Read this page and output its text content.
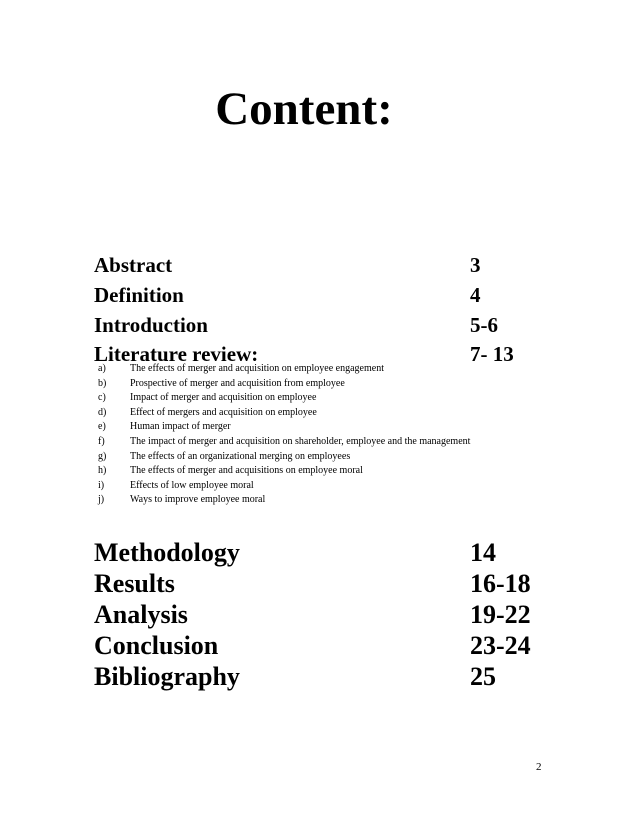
Content:
Abstract	3
Definition	4
Introduction	5-6
Literature review:	7- 13
a) The effects of merger and acquisition on employee engagement
b) Prospective of merger and acquisition from employee
c) Impact of merger and acquisition on employee
d) Effect of mergers and acquisition on employee
e) Human impact of merger
f)	The impact of merger and acquisition on shareholder, employee and the management
g) The effects of an organizational merging on employees
h) The effects of merger and acquisitions on employee moral
i)	Effects of low employee moral
j)	Ways to improve employee moral
Methodology	14
Results	16-18
Analysis	19-22
Conclusion	23-24
Bibliography	25
2
